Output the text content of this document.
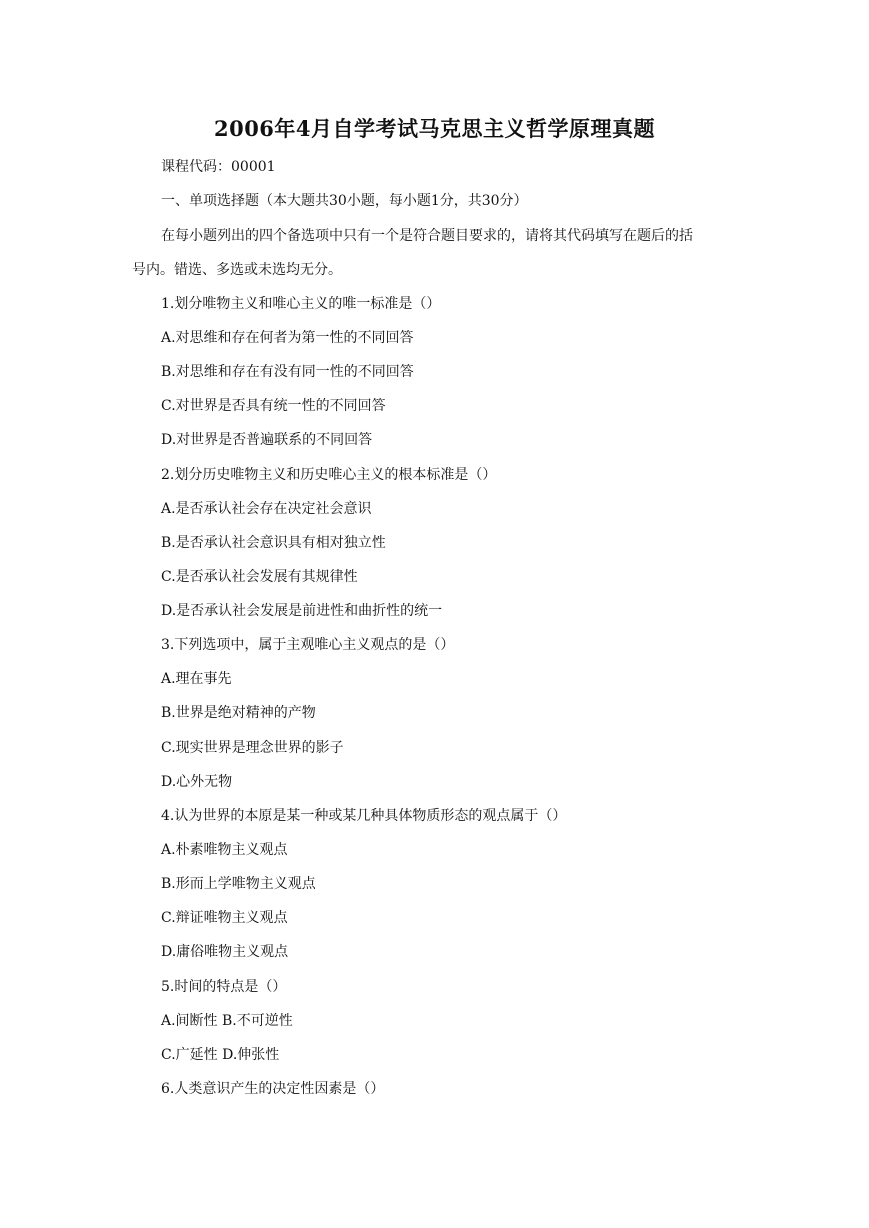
2006年4月自学考试马克思主义哲学原理真题
课程代码：00001
一、单项选择题（本大题共30小题，每小题1分，共30分）
在每小题列出的四个备选项中只有一个是符合题目要求的，请将其代码填写在题后的括
号内。错选、多选或未选均无分。
1.划分唯物主义和唯心主义的唯一标准是（）
A.对思维和存在何者为第一性的不同回答
B.对思维和存在有没有同一性的不同回答
C.对世界是否具有统一性的不同回答
D.对世界是否普遍联系的不同回答
2.划分历史唯物主义和历史唯心主义的根本标准是（）
A.是否承认社会存在决定社会意识
B.是否承认社会意识具有相对独立性
C.是否承认社会发展有其规律性
D.是否承认社会发展是前进性和曲折性的统一
3.下列选项中，属于主观唯心主义观点的是（）
A.理在事先
B.世界是绝对精神的产物
C.现实世界是理念世界的影子
D.心外无物
4.认为世界的本原是某一种或某几种具体物质形态的观点属于（）
A.朴素唯物主义观点
B.形而上学唯物主义观点
C.辩证唯物主义观点
D.庸俗唯物主义观点
5.时间的特点是（）
A.间断性 B.不可逆性
C.广延性 D.伸张性
6.人类意识产生的决定性因素是（）
